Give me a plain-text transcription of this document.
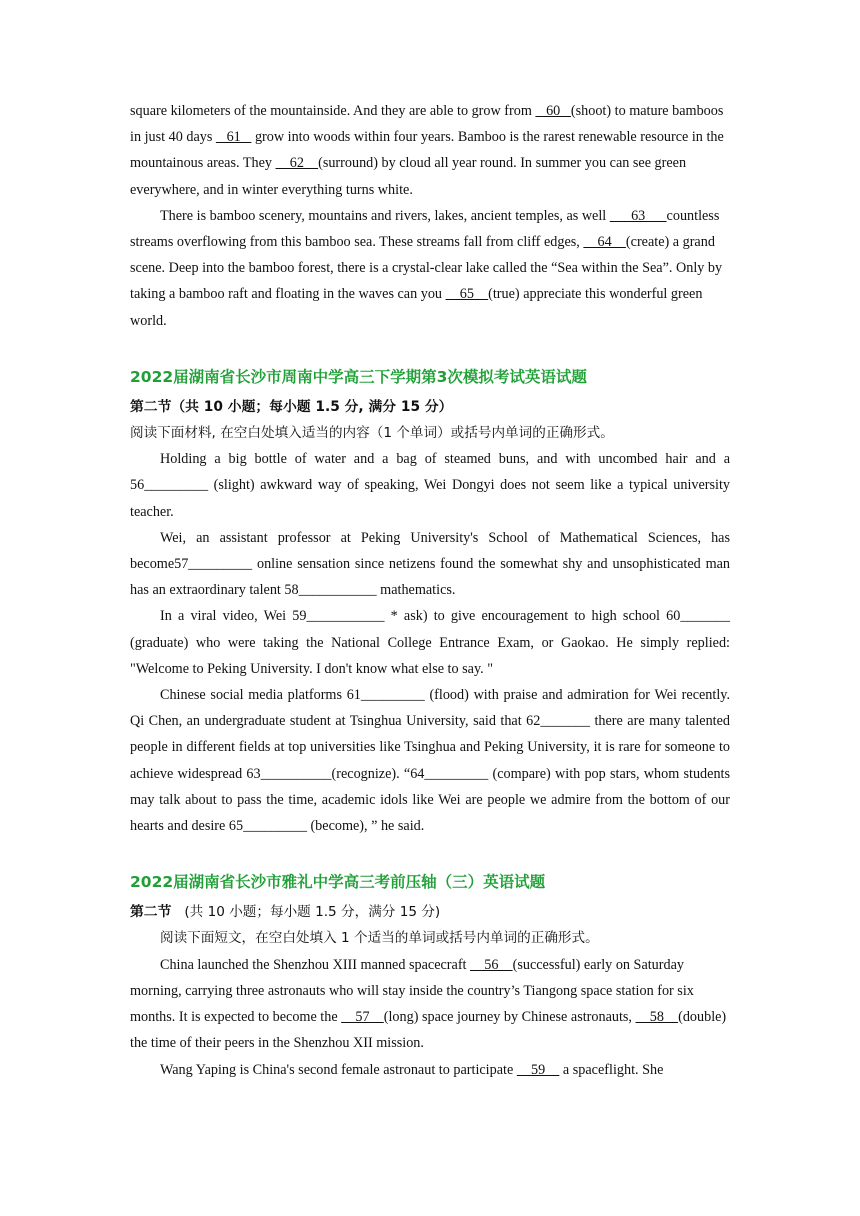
square kilometers of the mountainside. And they are able to grow from    60   (shoot) to mature bamboos in just 40 days    61    grow into woods within four years. Bamboo is the rarest renewable resource in the mountainous areas. They     62    (surround) by cloud all year round. In summer you can see green everywhere, and in winter everything turns white.

There is bamboo scenery, mountains and rivers, lakes, ancient temples, as well       63      countless streams overflowing from this bamboo sea. These streams fall from cliff edges,     64    (create) a grand scene. Deep into the bamboo forest, there is a crystal-clear lake called the “Sea within the Sea”. Only by taking a bamboo raft and floating in the waves can you     65    (true) appreciate this wonderful green world.

2022届湖南省长沙市周南中学高三下学期第3次模拟考试英语试题
第二节（共 10 小题；每小题 1.5 分, 满分 15 分）
阅读下面材料, 在空白处填入适当的内容（1 个单词）或括号内单词的正确形式。

Holding a big bottle of water and a bag of steamed buns, and with uncombed hair and a 56_________ (slight) awkward way of speaking, Wei Dongyi does not seem like a typical university teacher.

Wei, an assistant professor at Peking University's School of Mathematical Sciences, has become57_________ online sensation since netizens found the somewhat shy and unsophisticated man has an extraordinary talent 58___________ mathematics.

In a viral video, Wei 59___________ * ask) to give encouragement to high school 60_______ (graduate) who were taking the National College Entrance Exam, or Gaokao. He simply replied: "Welcome to Peking University. I don't know what else to say. "

Chinese social media platforms 61_________ (flood) with praise and admiration for Wei recently. Qi Chen, an undergraduate student at Tsinghua University, said that 62_______ there are many talented people in different fields at top universities like Tsinghua and Peking University, it is rare for someone to achieve widespread 63__________(recognize). “64_________ (compare) with pop stars, whom students may talk about to pass the time, academic idols like Wei are people we admire from the bottom of our hearts and desire 65_________ (become), ” he said.

2022届湖南省长沙市雅礼中学高三考前压轴（三）英语试题
第二节   (共 10 小题；每小题 1.5 分，满分 15 分)
阅读下面短文，在空白处填入 1 个适当的单词或括号内单词的正确形式。

China launched the Shenzhou XIII manned spacecraft     56    (successful) early on Saturday morning, carrying three astronauts who will stay inside the country’s Tiangong space station for six months. It is expected to become the     57    (long) space journey by Chinese astronauts,     58    (double) the time of their peers in the Shenzhou XII mission.

Wang Yaping is China's second female astronaut to participate     59     a spaceflight. She
